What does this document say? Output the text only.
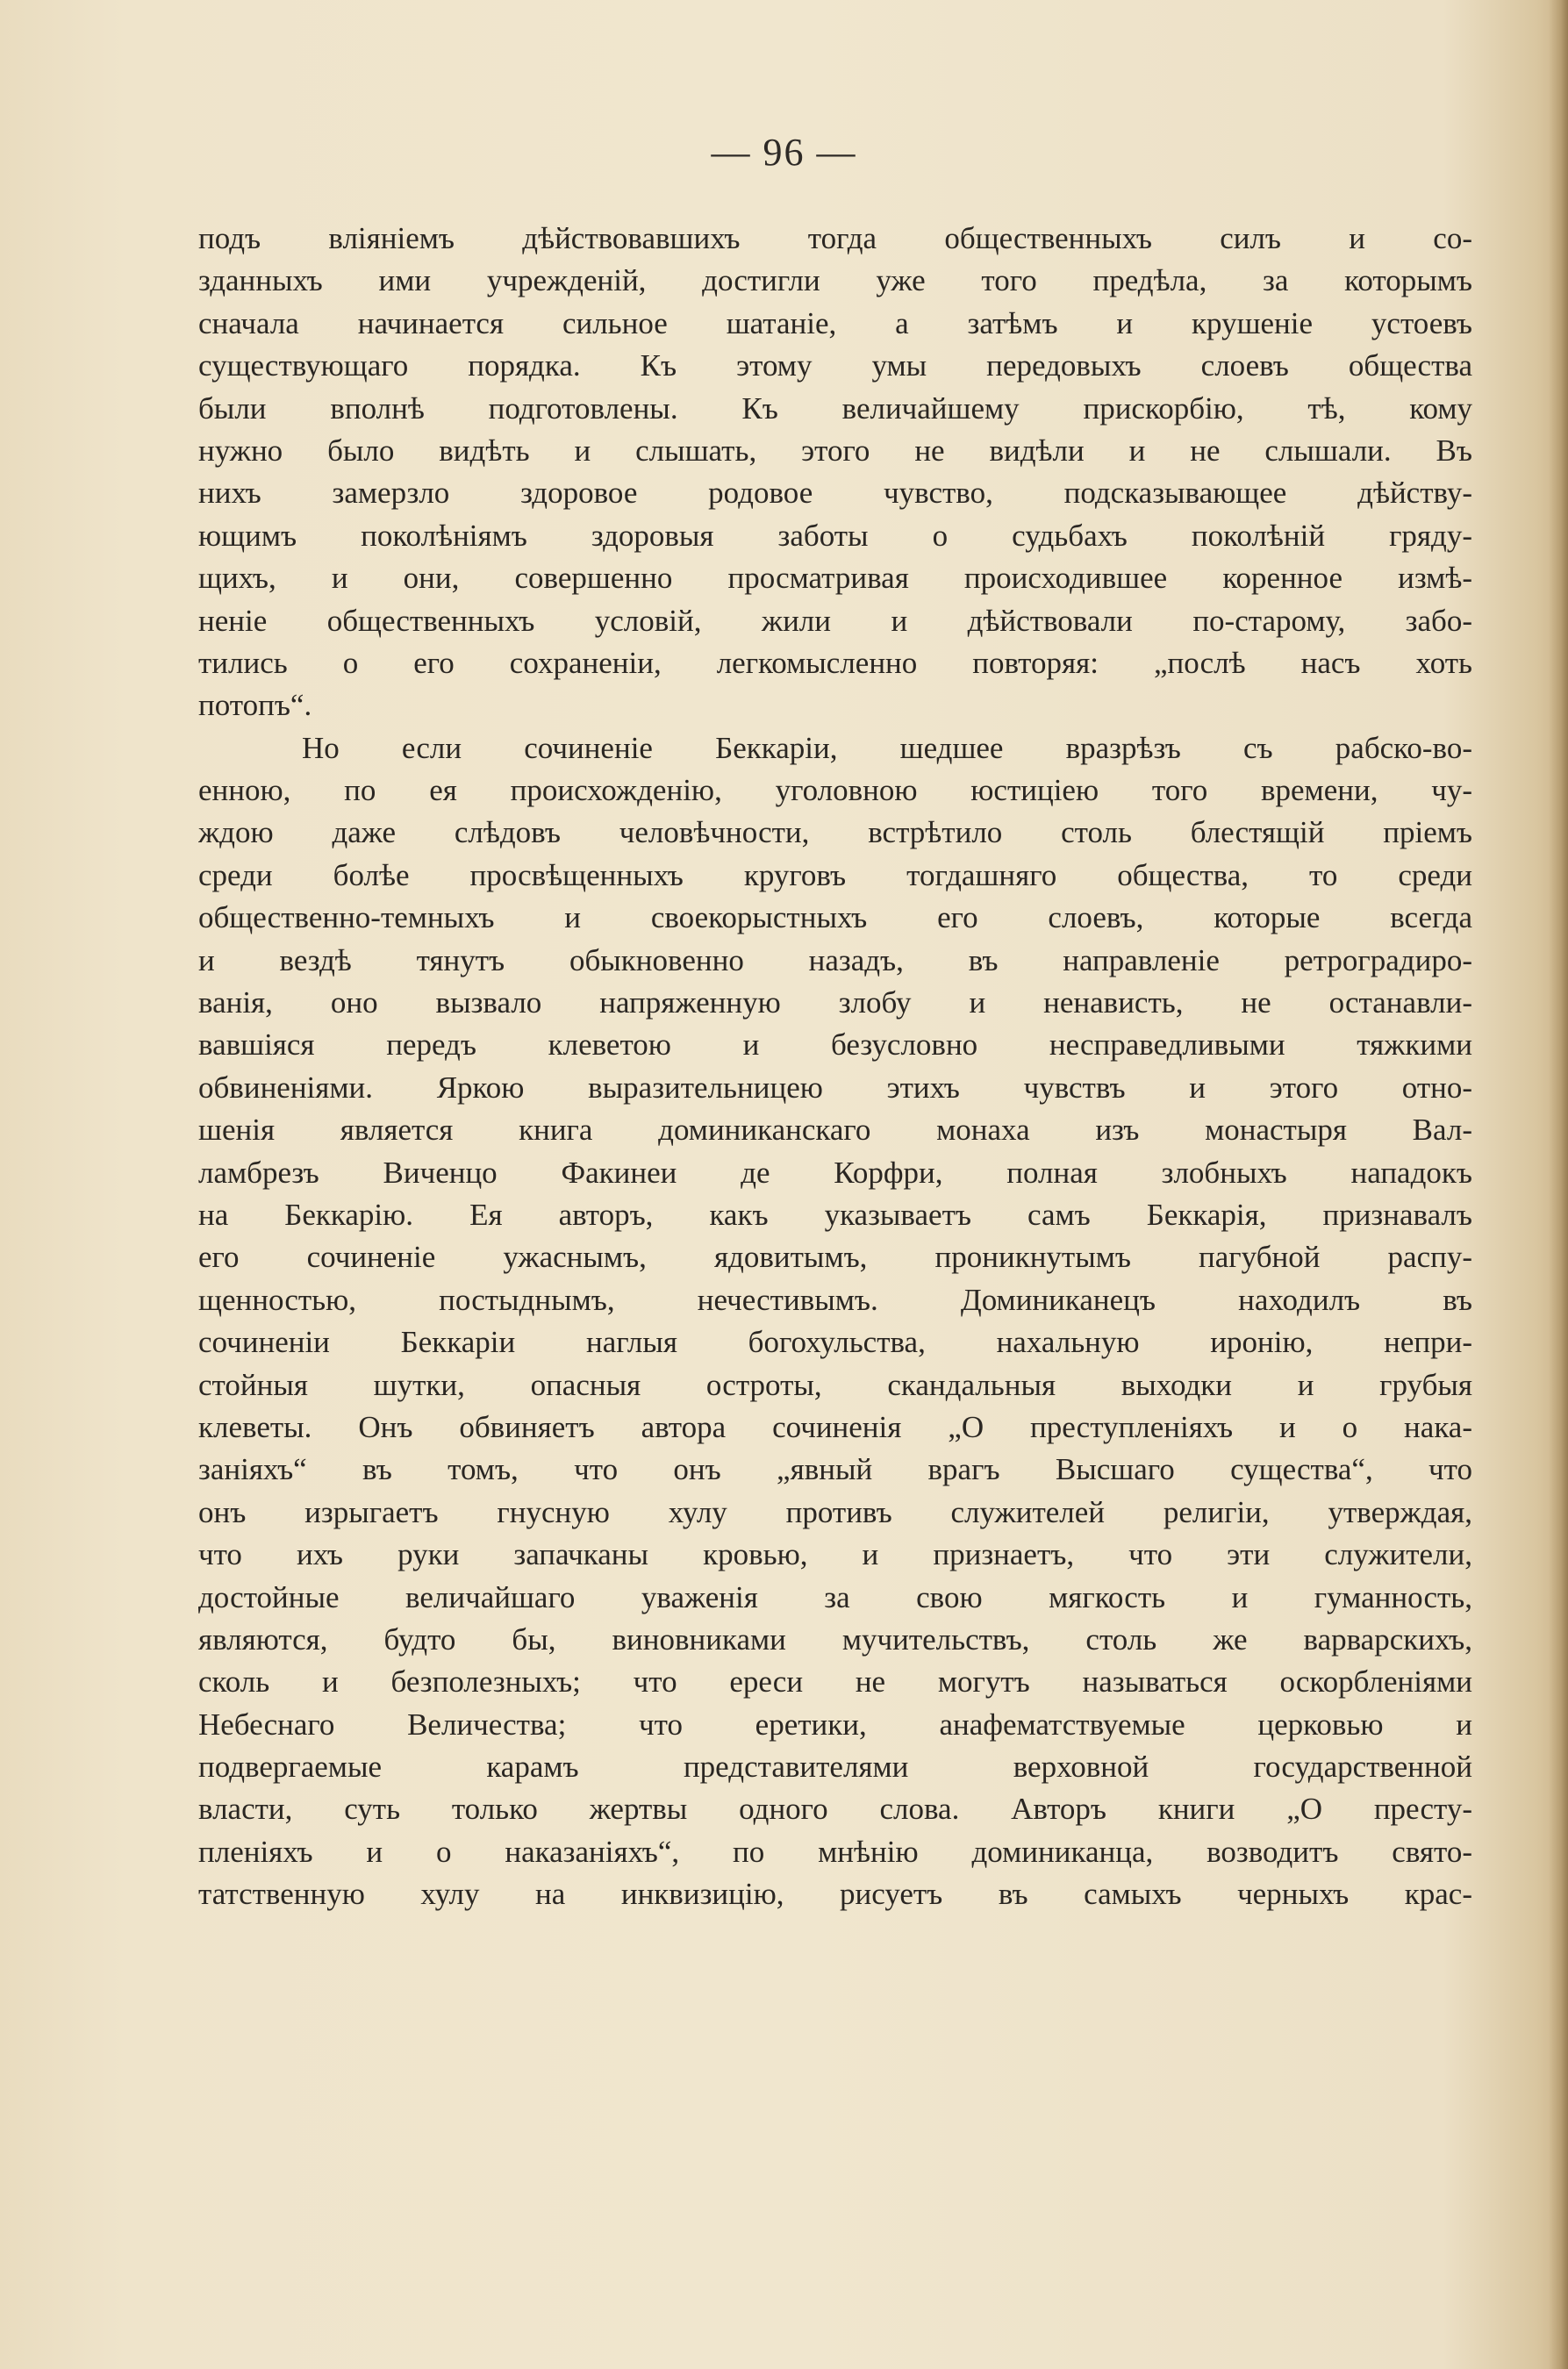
— 96 —
подъ вліяніемъ дѣйствовавшихъ тогда общественныхъ силъ и со-
зданныхъ ими учрежденій, достигли уже того предѣла, за которымъ
сначала начинается сильное шатаніе, а затѣмъ и крушеніе устоевъ
существующаго порядка. Къ этому умы передовыхъ слоевъ общества
были вполнѣ подготовлены. Къ величайшему прискорбію, тѣ, кому
нужно было видѣть и слышать, этого не видѣли и не слышали. Въ
нихъ замерзло здоровое родовое чувство, подсказывающее дѣйству-
ющимъ поколѣніямъ здоровыя заботы о судьбахъ поколѣній гряду-
щихъ, и они, совершенно просматривая происходившее коренное измѣ-
неніе общественныхъ условій, жили и дѣйствовали по-старому, забо-
тились о его сохраненіи, легкомысленно повторяя: „послѣ насъ хоть
потопъ“.
Но если сочиненіе Беккаріи, шедшее вразрѣзъ съ рабско-во-
енною, по ея происхожденію, уголовною юстиціею того времени, чу-
ждою даже слѣдовъ человѣчности, встрѣтило столь блестящій пріемъ
среди болѣе просвѣщенныхъ круговъ тогдашняго общества, то среди
общественно-темныхъ и своекорыстныхъ его слоевъ, которые всегда
и вездѣ тянутъ обыкновенно назадъ, въ направленіе ретроградиро-
ванія, оно вызвало напряженную злобу и ненависть, не останавли-
вавшіяся передъ клеветою и безусловно несправедливыми тяжкими
обвиненіями. Яркою выразительницею этихъ чувствъ и этого отно-
шенія является книга доминиканскаго монаха изъ монастыря Вал-
ламбрезъ Виченцо Факинеи де Корфри, полная злобныхъ нападокъ
на Беккарію. Ея авторъ, какъ указываетъ самъ Беккарія, признавалъ
его сочиненіе ужаснымъ, ядовитымъ, проникнутымъ пагубной распу-
щенностью, постыднымъ, нечестивымъ. Доминиканецъ находилъ въ
сочиненіи Беккаріи наглыя богохульства, нахальную иронію, непри-
стойныя шутки, опасныя остроты, скандальныя выходки и грубыя
клеветы. Онъ обвиняетъ автора сочиненія „О преступленіяхъ и о нака-
заніяхъ“ въ томъ, что онъ „явный врагъ Высшаго существа“, что
онъ изрыгаетъ гнусную хулу противъ служителей религіи, утверждая,
что ихъ руки запачканы кровью, и признаетъ, что эти служители,
достойные величайшаго уваженія за свою мягкость и гуманность,
являются, будто бы, виновниками мучительствъ, столь же варварскихъ,
сколь и безполезныхъ; что ереси не могутъ называться оскорбленіями
Небеснаго Величества; что еретики, анафематствуемые церковью и
подвергаемые карамъ представителями верховной государственной
власти, суть только жертвы одного слова. Авторъ книги „О престу-
пленіяхъ и о наказаніяхъ“, по мнѣнію доминиканца, возводитъ свято-
татственную хулу на инквизицію, рисуетъ въ самыхъ черныхъ крас-
